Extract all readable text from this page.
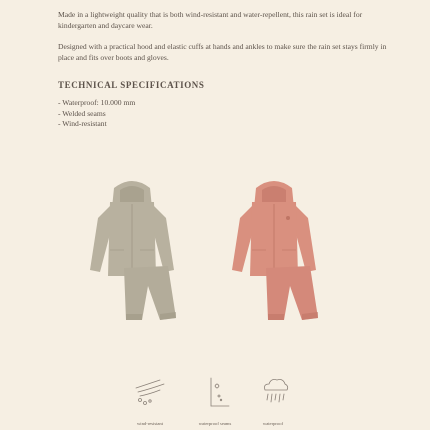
Made in a lightweight quality that is both wind-resistant and water-repellent, this rain set is ideal for kindergarten and daycare wear.

Designed with a practical hood and elastic cuffs at hands and ankles to make sure the rain set stays firmly in place and fits over boots and gloves.

TECHNICAL SPECIFICATIONS
- Waterproof: 10.000 mm
- Welded seams
- Wind-resistant
wind-resistant	waterproof seams	waterproof
